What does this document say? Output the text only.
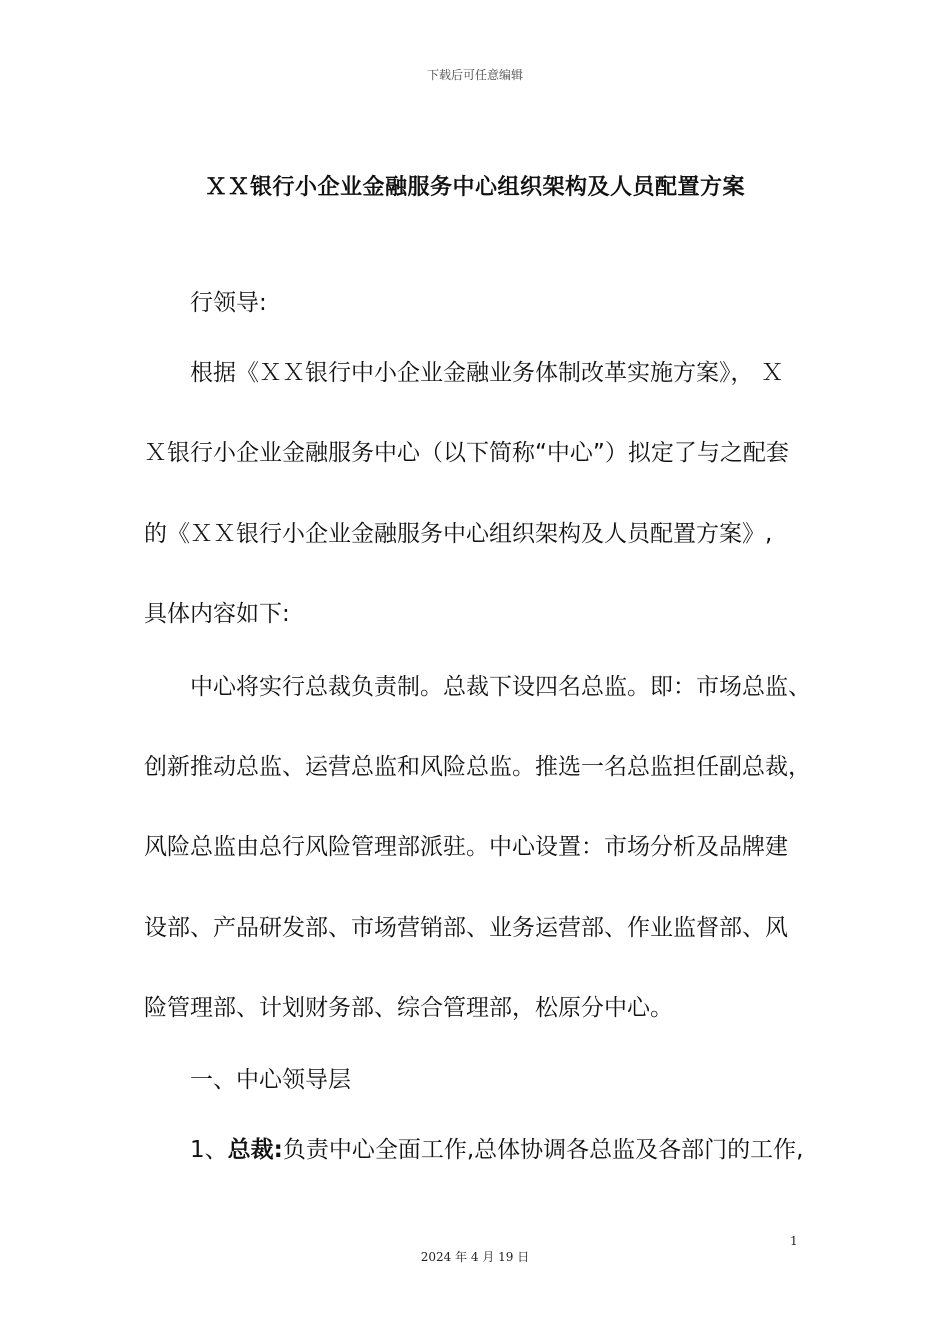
下载后可任意编辑
ＸＸ银行小企业金融服务中心组织架构及人员配置方案
行领导:
根据《ＸＸ银行中小企业金融业务体制改革实施方案》， Ｘ
Ｘ银行小企业金融服务中心（以下简称“中心”）拟定了与之配套
的《ＸＸ银行小企业金融服务中心组织架构及人员配置方案》,
具体内容如下:
中心将实行总裁负责制。总裁下设四名总监。即：市场总监、
创新推动总监、运营总监和风险总监。推选一名总监担任副总裁，
风险总监由总行风险管理部派驻。中心设置：市场分析及品牌建
设部、产品研发部、市场营销部、业务运营部、作业监督部、风
险管理部、计划财务部、综合管理部，松原分中心。
一、中心领导层
1、总裁:负责中心全面工作,总体协调各总监及各部门的工作,
1
2024 年 4 月 19 日
